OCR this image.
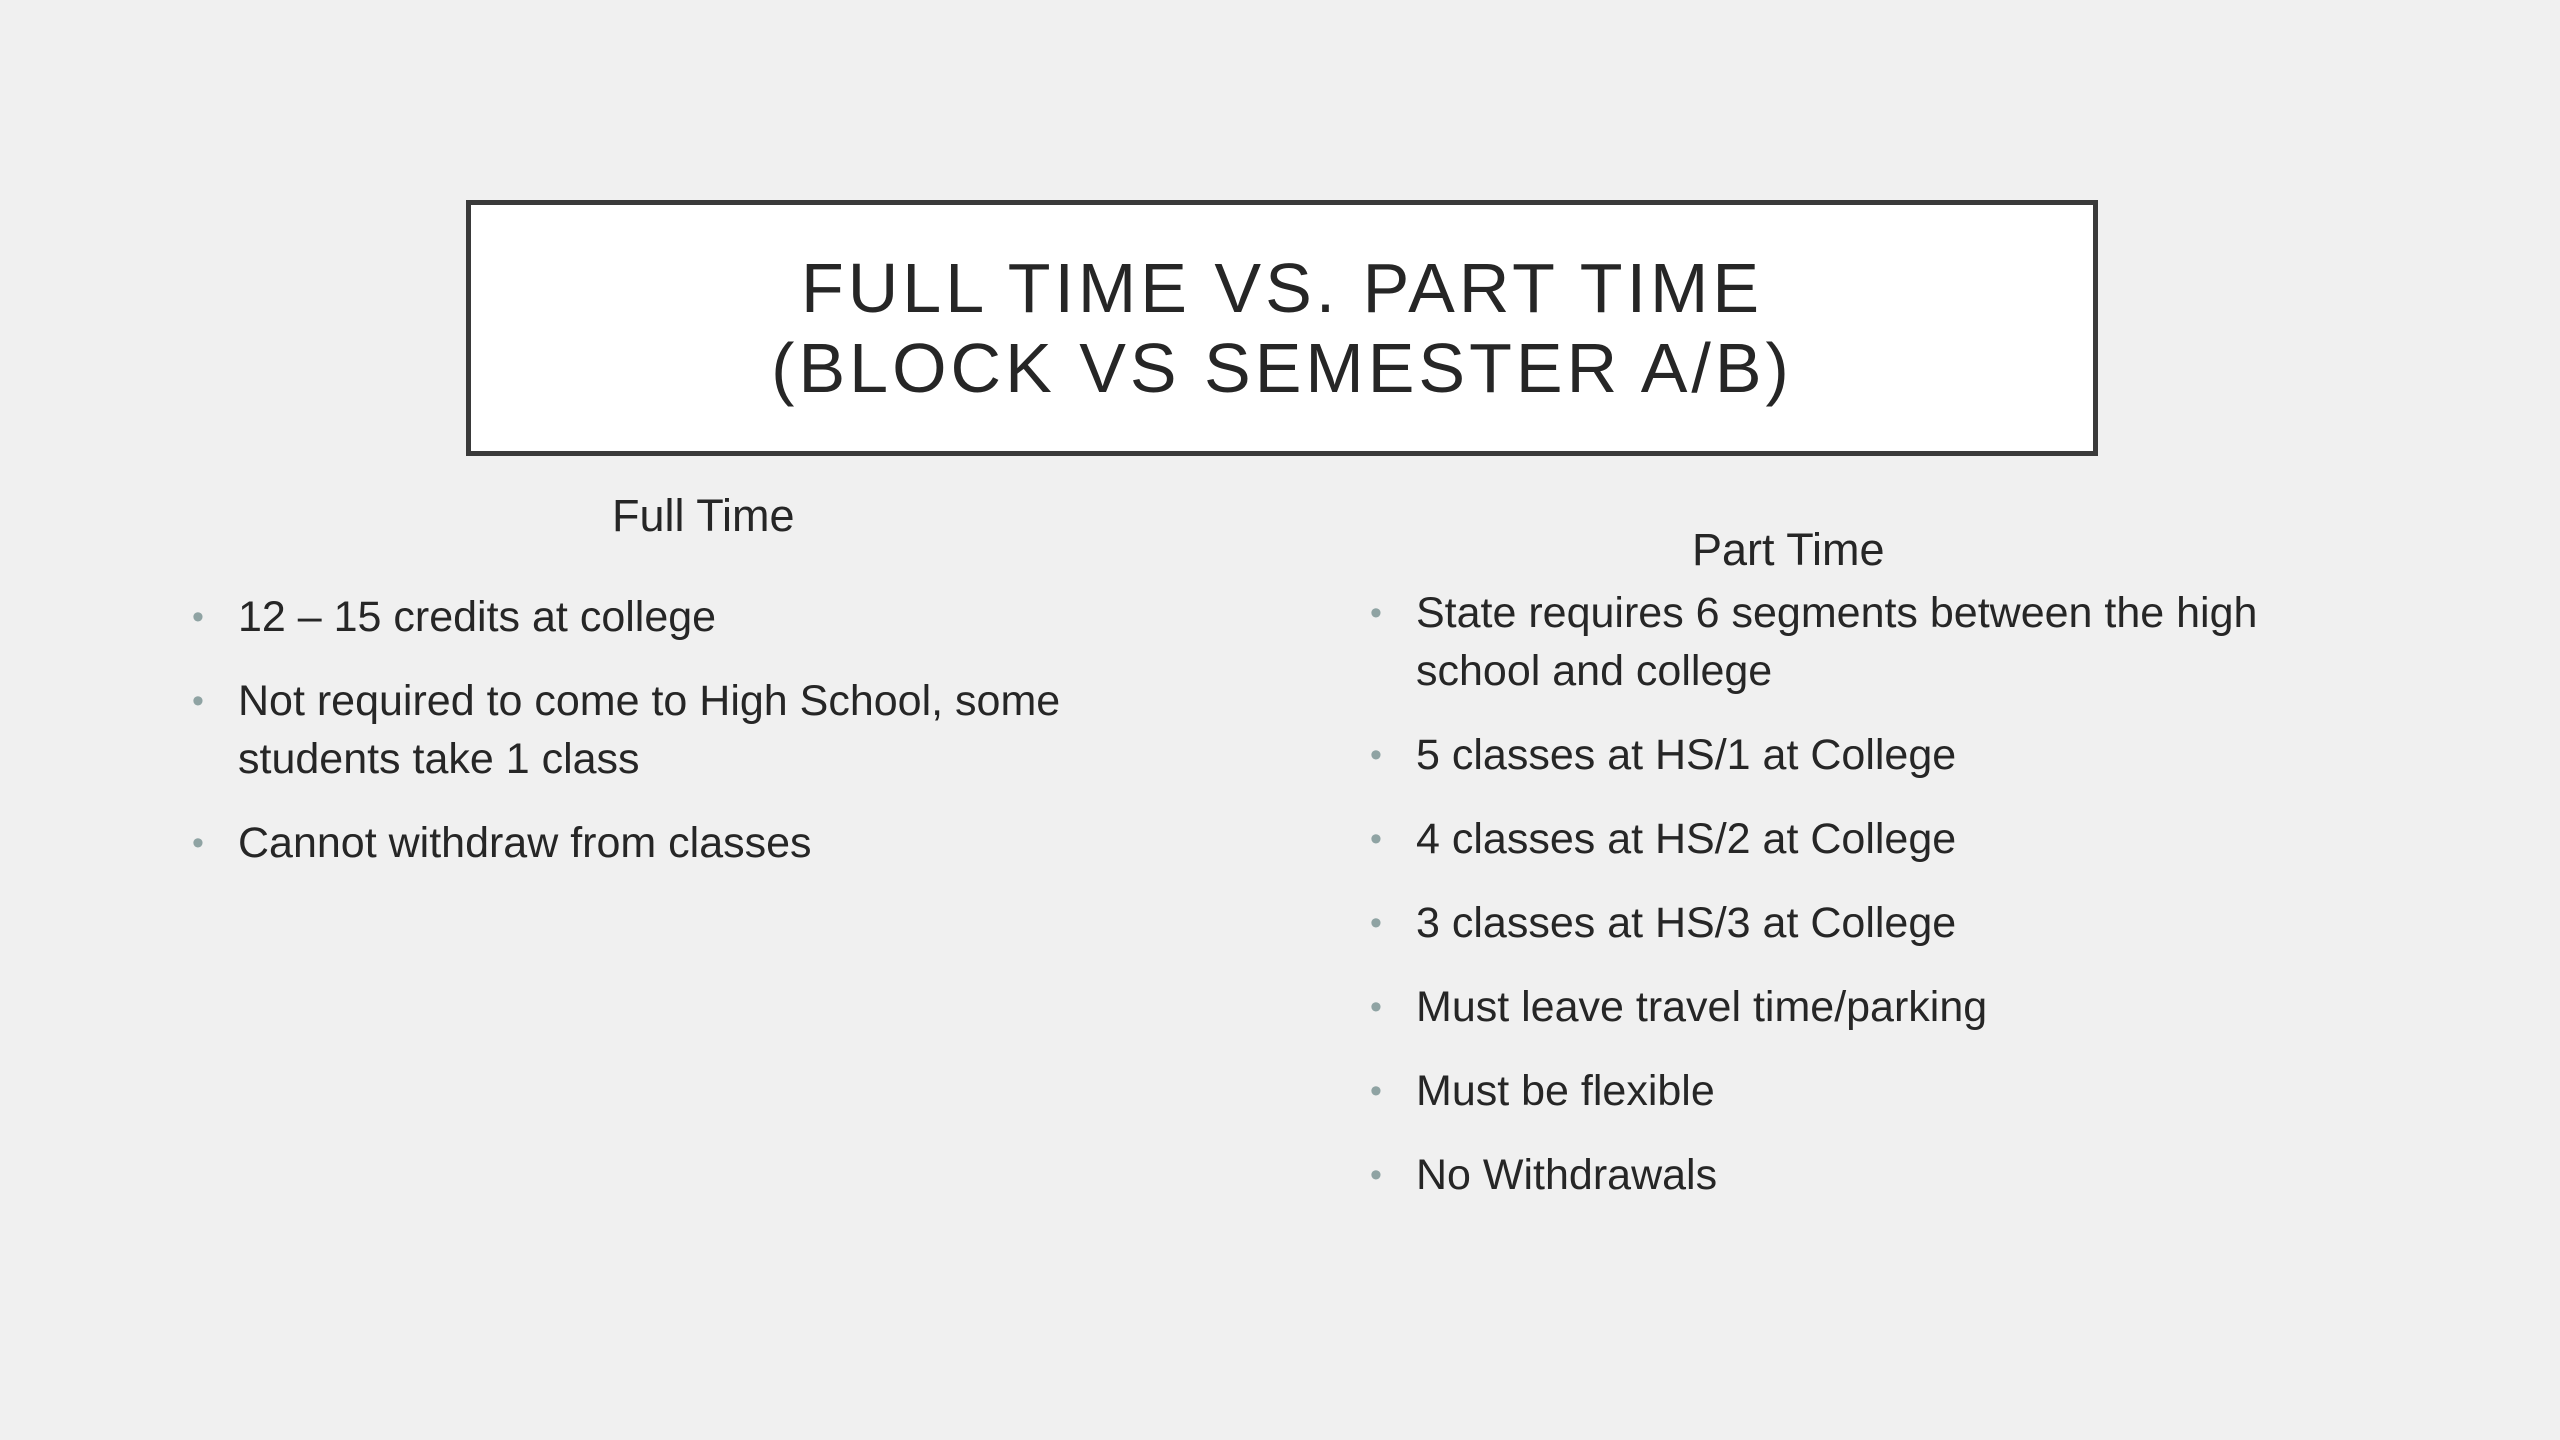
FULL TIME VS. PART TIME
(BLOCK VS SEMESTER A/B)
Full Time
Part Time
• 12 – 15 credits at college
• Not required to come to High School, some students take 1 class
• Cannot withdraw from classes
• State requires 6 segments between the high school and college
• 5 classes at HS/1 at College
• 4 classes at HS/2 at College
• 3 classes at HS/3 at College
• Must leave travel time/parking
• Must be flexible
• No Withdrawals
